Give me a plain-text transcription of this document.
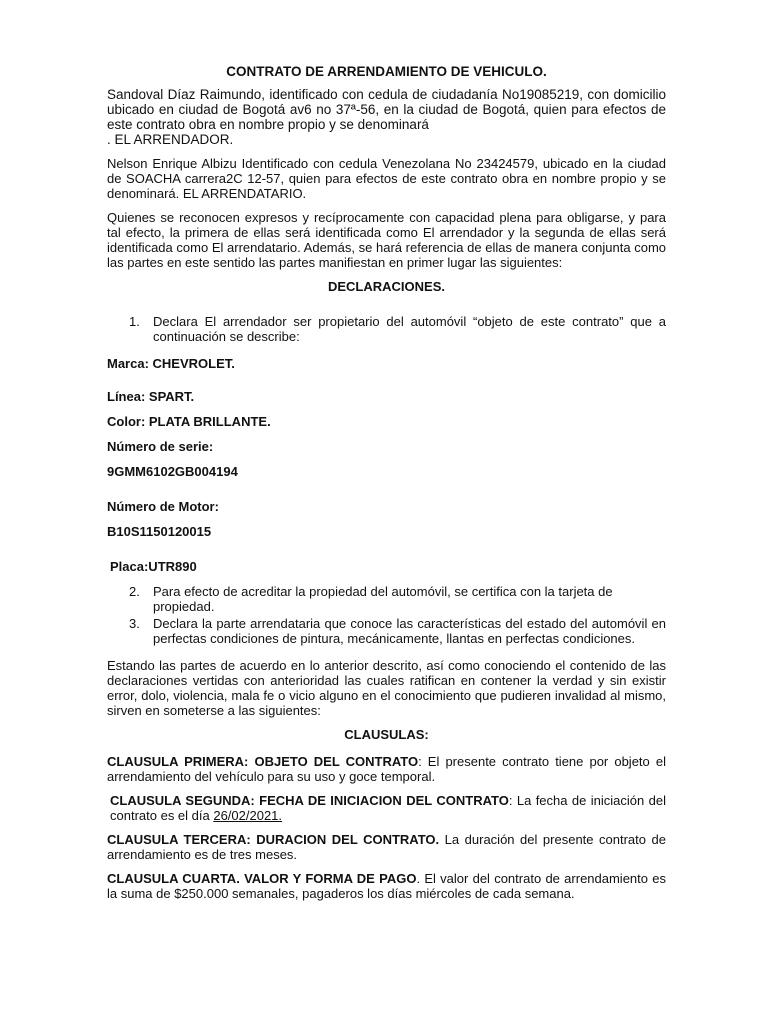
CONTRATO DE ARRENDAMIENTO DE VEHICULO.
Sandoval Díaz Raimundo, identificado con cedula de ciudadanía No19085219, con domicilio ubicado en ciudad de Bogotá av6 no 37ª-56, en la ciudad de Bogotá, quien para efectos de este contrato obra en nombre propio y se denominará
. EL ARRENDADOR.
Nelson Enrique Albizu Identificado con cedula Venezolana No 23424579, ubicado en la ciudad de SOACHA carrera2C 12-57, quien para efectos de este contrato obra en nombre propio y se denominará. EL ARRENDATARIO.
Quienes se reconocen expresos y recíprocamente con capacidad plena para obligarse, y para tal efecto, la primera de ellas será identificada como El arrendador y la segunda de ellas será identificada como El arrendatario. Además, se hará referencia de ellas de manera conjunta como las partes en este sentido las partes manifiestan en primer lugar las siguientes:
DECLARACIONES.
1.	Declara El arrendador ser propietario del automóvil “objeto de este contrato” que a continuación se describe:
Marca: CHEVROLET.
Línea: SPART.
Color: PLATA BRILLANTE.
Número de serie:
9GMM6102GB004194
Número de Motor:
B10S1150120015
Placa:UTR890
2.	Para efecto de acreditar la propiedad del automóvil, se certifica con la tarjeta de propiedad.
3.	Declara la parte arrendataria que conoce las características del estado del automóvil en perfectas condiciones de pintura, mecánicamente, llantas en perfectas condiciones.
Estando las partes de acuerdo en lo anterior descrito, así como conociendo el contenido de las declaraciones vertidas con anterioridad las cuales ratifican en contener la verdad y sin existir error, dolo, violencia, mala fe o vicio alguno en el conocimiento que pudieren invalidad al mismo, sirven en someterse a las siguientes:
CLAUSULAS:
CLAUSULA PRIMERA: OBJETO DEL CONTRATO: El presente contrato tiene por objeto el arrendamiento del vehículo para su uso y goce temporal.
CLAUSULA SEGUNDA: FECHA DE INICIACION DEL CONTRATO: La fecha de iniciación del contrato es el día 26/02/2021.
CLAUSULA TERCERA: DURACION DEL CONTRATO. La duración del presente contrato de arrendamiento es de tres meses.
CLAUSULA CUARTA. VALOR Y FORMA DE PAGO. El valor del contrato de arrendamiento es la suma de $250.000 semanales, pagaderos los días miércoles de cada semana.
